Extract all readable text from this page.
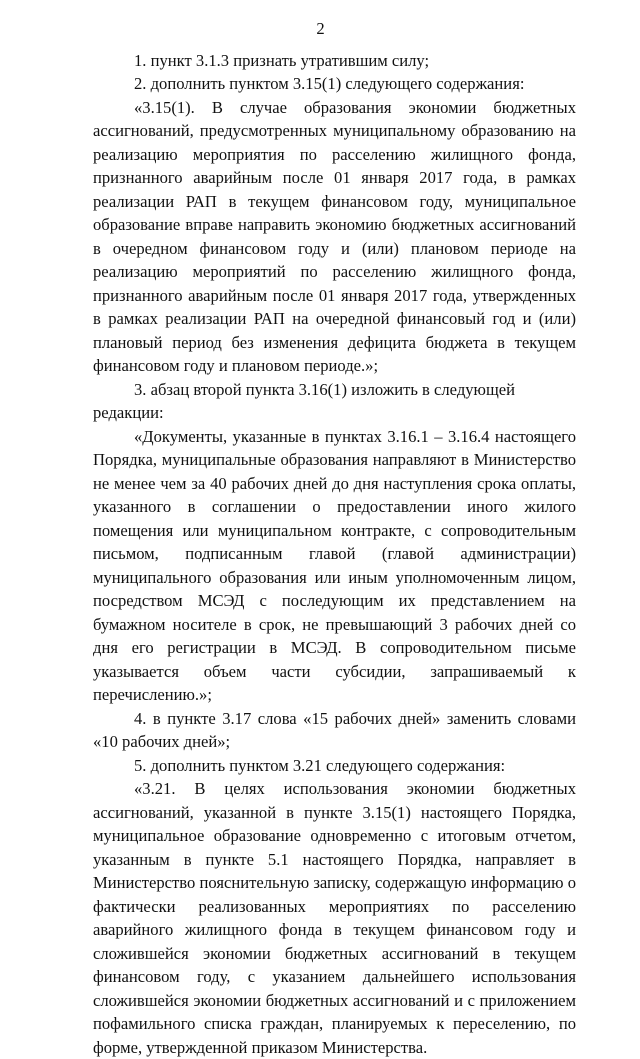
2

1. пункт 3.1.3 признать утратившим силу;

2. дополнить пунктом 3.15(1) следующего содержания:

«3.15(1). В случае образования экономии бюджетных ассигнований, предусмотренных муниципальному образованию на реализацию мероприятия по расселению жилищного фонда, признанного аварийным после 01 января 2017 года, в рамках реализации РАП в текущем финансовом году, муниципальное образование вправе направить экономию бюджетных ассигнований в очередном финансовом году и (или) плановом периоде на реализацию мероприятий по расселению жилищного фонда, признанного аварийным после 01 января 2017 года, утвержденных в рамках реализации РАП на очередной финансовый год и (или) плановый период без изменения дефицита бюджета в текущем финансовом году и плановом периоде.»;

3. абзац второй пункта 3.16(1) изложить в следующей редакции:

«Документы, указанные в пунктах 3.16.1 – 3.16.4 настоящего Порядка, муниципальные образования направляют в Министерство не менее чем за 40 рабочих дней до дня наступления срока оплаты, указанного в соглашении о предоставлении иного жилого помещения или муниципальном контракте, с сопроводительным письмом, подписанным главой (главой администрации) муниципального образования или иным уполномоченным лицом, посредством МСЭД с последующим их представлением на бумажном носителе в срок, не превышающий 3 рабочих дней со дня его регистрации в МСЭД. В сопроводительном письме указывается объем части субсидии, запрашиваемый к перечислению.»;

4. в пункте 3.17 слова «15 рабочих дней» заменить словами «10 рабочих дней»;

5. дополнить пунктом 3.21 следующего содержания:

«3.21. В целях использования экономии бюджетных ассигнований, указанной в пункте 3.15(1) настоящего Порядка, муниципальное образование одновременно с итоговым отчетом, указанным в пункте 5.1 настоящего Порядка, направляет в Министерство пояснительную записку, содержащую информацию о фактически реализованных мероприятиях по расселению аварийного жилищного фонда в текущем финансовом году и сложившейся экономии бюджетных ассигнований в текущем финансовом году, с указанием дальнейшего использования сложившейся экономии бюджетных ассигнований и с приложением пофамильного списка граждан, планируемых к переселению, по форме, утвержденной приказом Министерства.
